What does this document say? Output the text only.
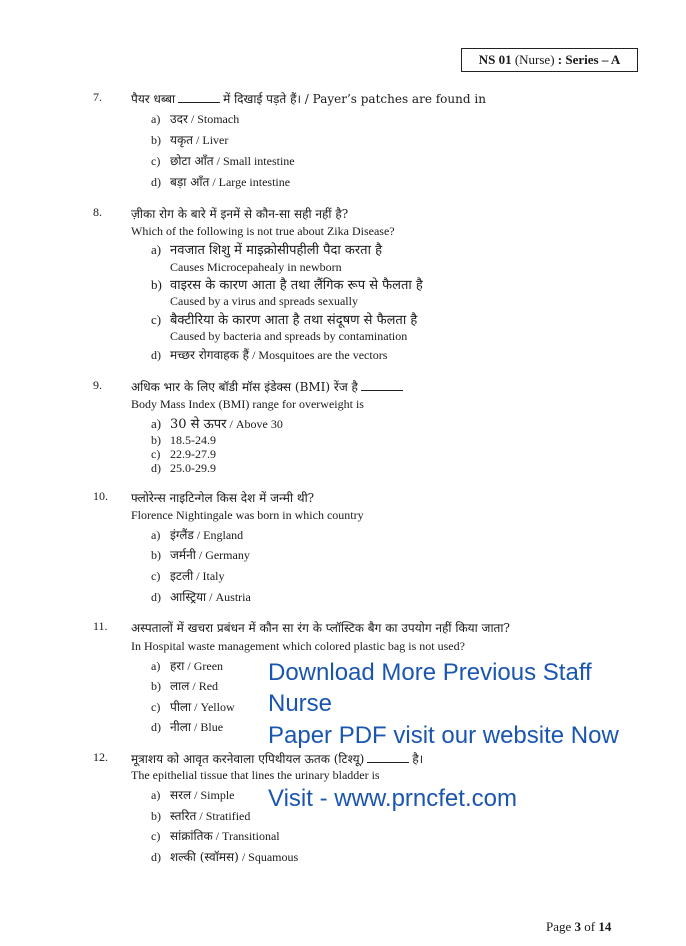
NS 01
(Nurse)
:
Series – A
7. पैयर धब्बा	में दिखाई पड़ते हैं। / Payer’s patches are found in
a) उदर / Stomach
b) यकृत / Liver
c) छोटा आँत / Small intestine
d) बड़ा आँत / Large intestine
8. ज़ीका रोग के बारे में इनमें से कौन-सा सही नहीं है?
Which of the following is not true about Zika Disease?
a) नवजात शिशु में माइक्रोसीपहीली पैदा करता है
Causes Microcepahealy in newborn
b) वाइरस के कारण आता है तथा लैंगिक रूप से फैलता है
Caused by a virus and spreads sexually
c) बैक्टीरिया के कारण आता है तथा संदूषण से फैलता है
Caused by bacteria and spreads by contamination
d) मच्छर रोगवाहक हैं / Mosquitoes are the vectors
9. अधिक भार के लिए बॉडी मॉस इंडेक्स (BMI) रेंज है
Body Mass Index (BMI) range for overweight is
a) 30 से ऊपर / Above 30
b) 18.5-24.9
c) 22.9-27.9
d) 25.0-29.9
10. फ्लोरेन्स नाइटिन्गेल किस देश में जन्मी थी?
Florence Nightingale was born in which country
a) इंग्लैंड / England
b) जर्मनी / Germany
c) इटली / Italy
d) आस्ट्रिया / Austria
11. अस्पतालों में खचरा प्रबंधन में कौन सा रंग के प्लॉस्टिक बैग का उपयोग नहीं किया जाता?
In Hospital waste management which colored plastic bag is not used?
a) हरा / Green
b) लाल / Red
c) पीला / Yellow
d) नीला / Blue
12. मूत्राशय को आवृत करनेवाला एपिथीयल ऊतक (टिश्यू)	है।
The epithelial tissue that lines the urinary bladder is
a) सरल / Simple
b) स्तरित / Stratified
c) सांक्रांतिक / Transitional
d) शल्की (स्वॉमस) / Squamous
Download More Previous Staff
Nurse
Paper PDF visit our website Now
Visit - www.prncfet.com
Page 3 of 14
